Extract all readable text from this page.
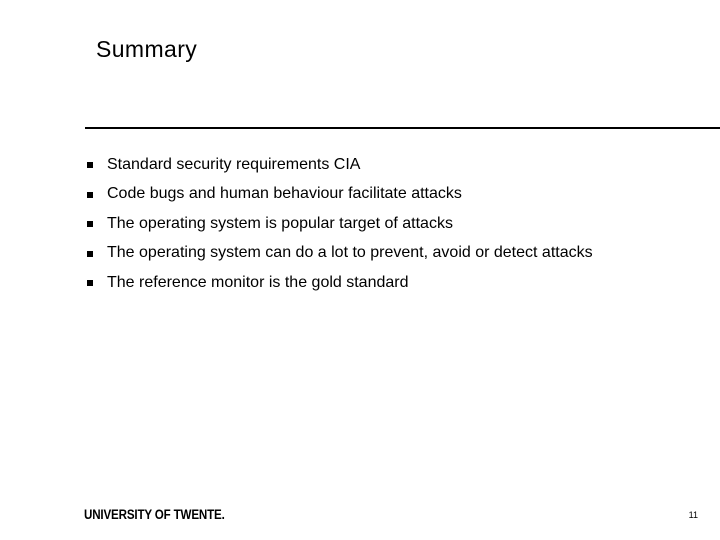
Summary
Standard security requirements CIA
Code bugs and human behaviour facilitate attacks
The operating system is popular target of attacks
The operating system can do a lot to prevent, avoid or detect attacks
The reference monitor is the gold standard
UNIVERSITY OF TWENTE.	11
